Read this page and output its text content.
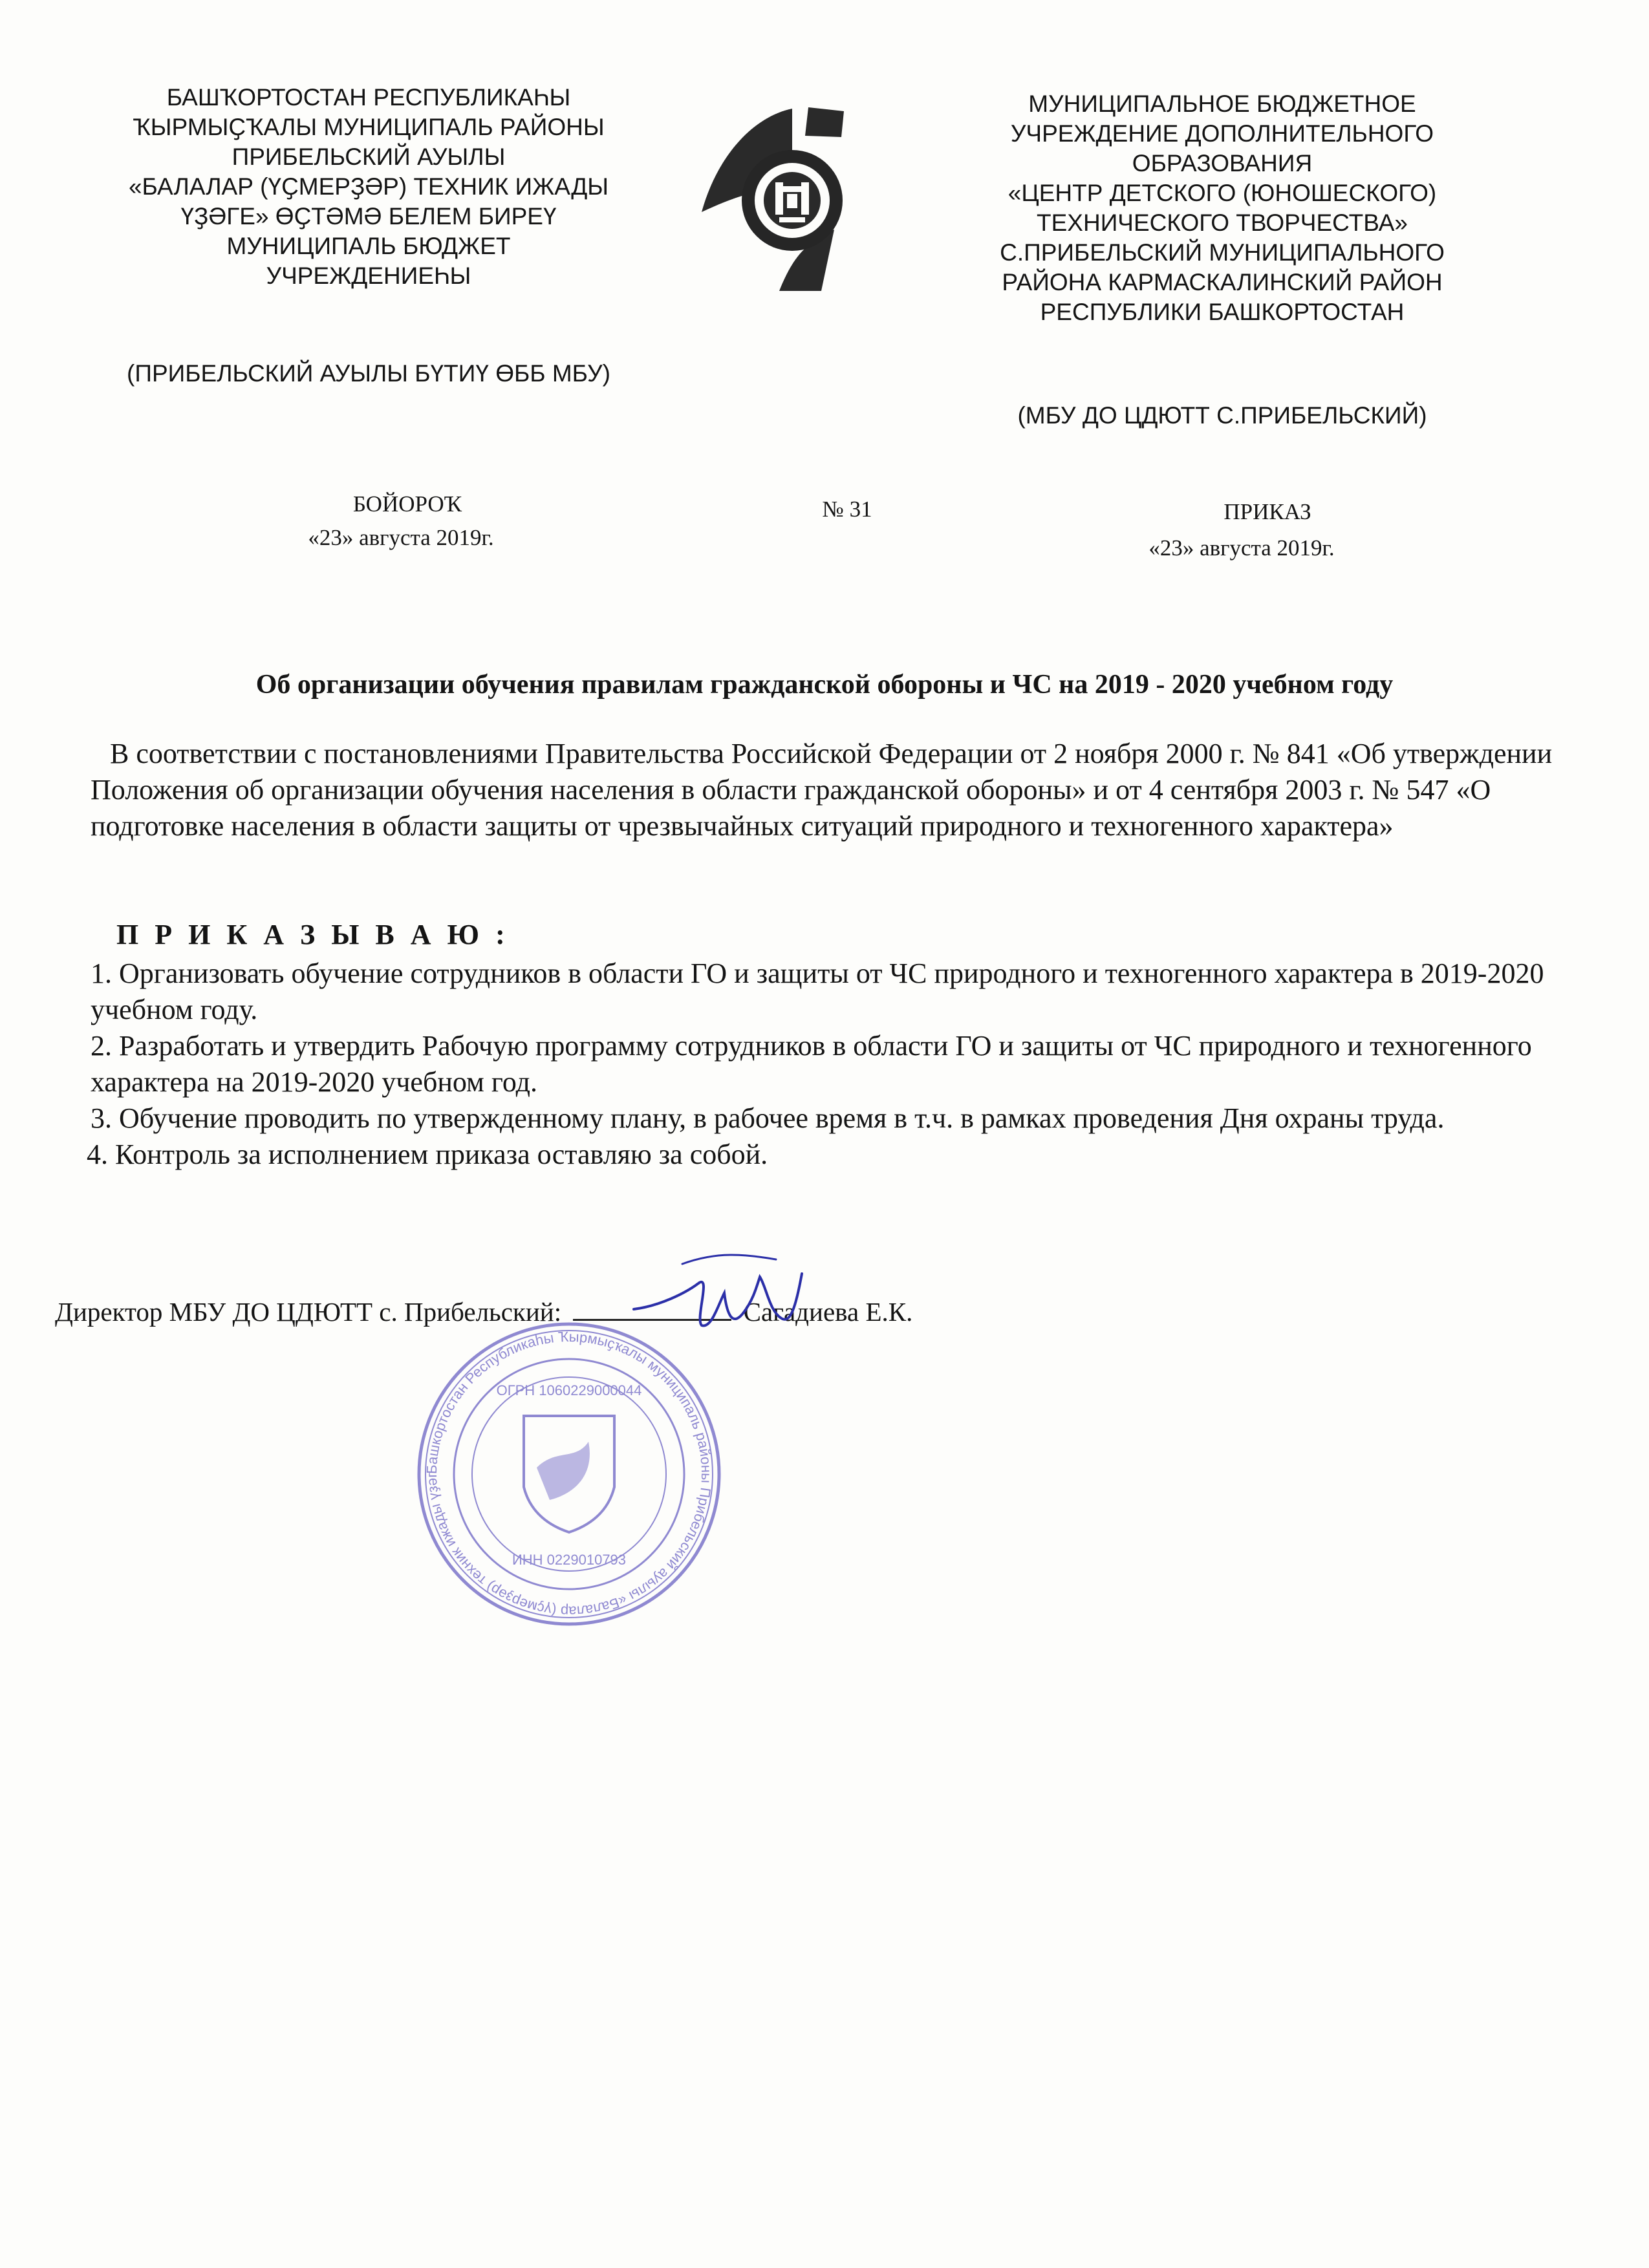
БАШҠОРТОСТАН РЕСПУБЛИКАҺЫ
ҠЫРМЫҪҠАЛЫ МУНИЦИПАЛЬ РАЙОНЫ
ПРИБЕЛЬСКИЙ АУЫЛЫ
«БАЛАЛАР (ҮҪМЕРҘӘР) ТЕХНИК ИЖАДЫ
ҮҘӘГЕ» ӨҪТӘМӘ БЕЛЕМ БИРЕҮ
МУНИЦИПАЛЬ БЮДЖЕТ
УЧРЕЖДЕНИЕҺЫ
(ПРИБЕЛЬСКИЙ АУЫЛЫ БҮТИҮ ӨББ МБУ)
МУНИЦИПАЛЬНОЕ БЮДЖЕТНОЕ
УЧРЕЖДЕНИЕ ДОПОЛНИТЕЛЬНОГО
ОБРАЗОВАНИЯ
«ЦЕНТР ДЕТСКОГО (ЮНОШЕСКОГО)
ТЕХНИЧЕСКОГО ТВОРЧЕСТВА»
С.ПРИБЕЛЬСКИЙ МУНИЦИПАЛЬНОГО
РАЙОНА КАРМАСКАЛИНСКИЙ РАЙОН
РЕСПУБЛИКИ БАШКОРТОСТАН
(МБУ ДО ЦДЮТТ С.ПРИБЕЛЬСКИЙ)
БОЙОРОҠ
«23» августа 2019г.
№ 31	ПРИКАЗ
«23» августа 2019г.
Об организации обучения правилам гражданской обороны и ЧС на 2019 - 2020 учебном году
В соответствии с постановлениями Правительства Российской Федерации от 2 ноября 2000 г. № 841 «Об утверждении Положения об организации обучения населения в области гражданской обороны» и от 4 сентября 2003 г. № 547 «О подготовке населения в области защиты от чрезвычайных ситуаций природного и техногенного характера»
П Р И К А З Ы В А Ю :
1. Организовать обучение сотрудников в области ГО и защиты от ЧС природного и техногенного характера в 2019-2020 учебном году.
2. Разработать и утвердить Рабочую программу сотрудников в области ГО и защиты от ЧС природного и техногенного характера на 2019-2020 учебном год.
3. Обучение проводить по утвержденному плану, в рабочее время в т.ч. в рамках проведения Дня охраны труда.
4. Контроль за исполнением приказа оставляю за собой.
Директор МБУ ДО ЦДЮТТ с. Прибельский:	Сагадиева Е.К.
Башкортостан Республикаһы Ҡырмыҫҡалы муниципаль районы Прибельский ауылы «Балалар (үҫмерҙәр) техник ижады үҙәг
ОГРН 1060229000044
ИНН 0229010793
